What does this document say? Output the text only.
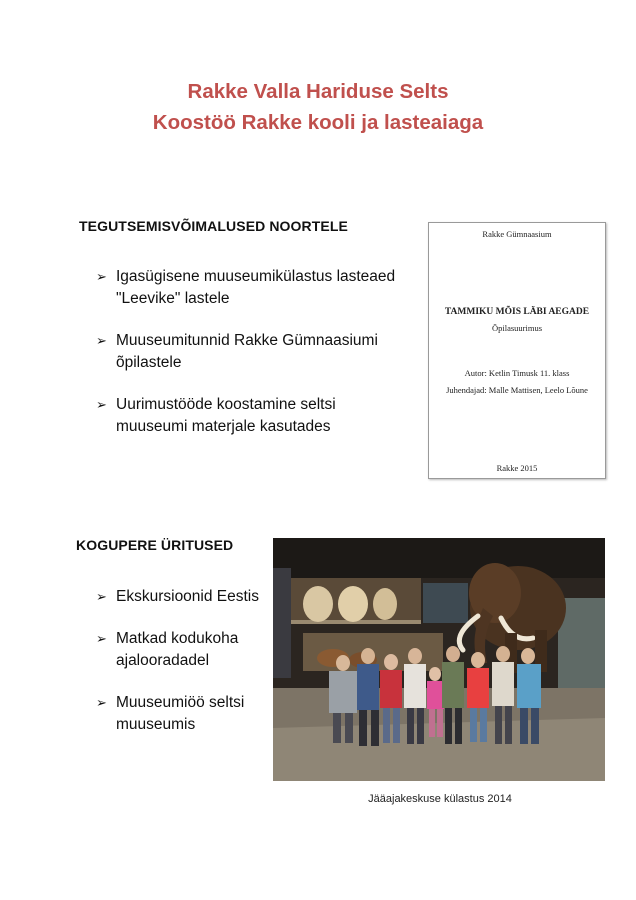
Rakke Valla Hariduse Selts
Koostöö Rakke kooli ja lasteaiaga
TEGUTSEMISVÕIMALUSED NOORTELE
➢ Igasügisene muuseumikülastus lasteaed "Leevike" lastele
➢ Muuseumitunnid Rakke Gümnaasiumi õpilastele
➢ Uurimustööde koostamine seltsi muuseumi materjale kasutades
Rakke Gümnaasium
TAMMIKU MÕIS LÄBI AEGADE
Õpilasuurimus
Autor: Ketlin Timusk 11. klass
Juhendajad: Malle Mattisen, Leelo Lõune
Rakke 2015
KOGUPERE ÜRITUSED
➢ Ekskursioonid Eestis
➢ Matkad kodukoha ajalooradadel
➢ Muuseumiöö seltsi muuseumis
Jääajakeskuse külastus 2014
